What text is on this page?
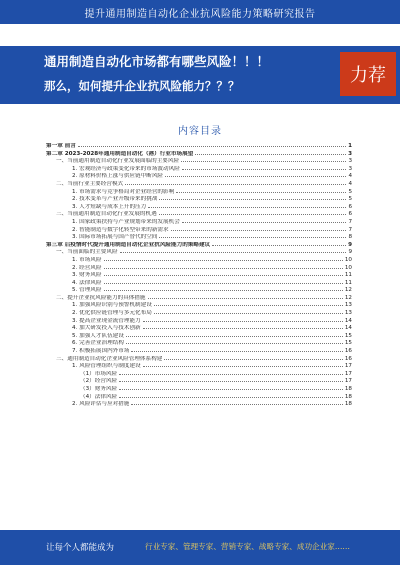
提升通用制造自动化企业抗风险能力策略研究报告
通用制造自动化市场都有哪些风险！！！
那么，如何提升企业抗风险能力？？？	力荐
内容目录
第一章 前言	1
第二章 2023-2028年通用制造自动化（港）行业市场展望	3
一、当前通用制造自动化行业发展面临的主要风险	3
1. 宏观经济与政策变化带来的市场波动风险	3
2. 原材料价格上涨与供应链中断风险	4
二、当前行业主要经营模式	4
1. 市场需求与竞争格局对企业经营的影响	5
2. 技术变革与产业升级带来的挑战	5
3. 人才短缺与成本上升的压力	6
三、当前通用制造自动化行业发展的机遇	6
1. 国家政策扶持与产业规划带来的发展机会	7
2. 智能制造与数字化转型带来的新需求	7
3. 国际市场拓展与国产替代的空间	8
第三章 后疫情时代提升通用制造自动化企业抗风险能力的策略建议	9
一、当前面临的主要风险	9
1. 市场风险	10
2. 经营风险	10
3. 财务风险	11
4. 法律风险	11
5. 管理风险	12
二、提升企业抗风险能力的具体措施	12
1. 加强风险识别与预警机制建设	13
2. 优化供应链管理与多元化布局	13
3. 提高企业现金流管理能力	14
4. 加大研发投入与技术创新	14
5. 加强人才队伍建设	15
6. 完善企业治理结构	15
7. 积极拓展国内外市场	16
三、通用制造自动化企业风险管理体系构建	16
1. 风险管理组织与制度建设	17
（1）市场风险	17
（2）经营风险	17
（3）财务风险	18
（4）法律风险	18
2. 风险评估与应对措施	18
让每个人都能成为	行业专家、管理专家、营销专家、战略专家、成功企业家……
